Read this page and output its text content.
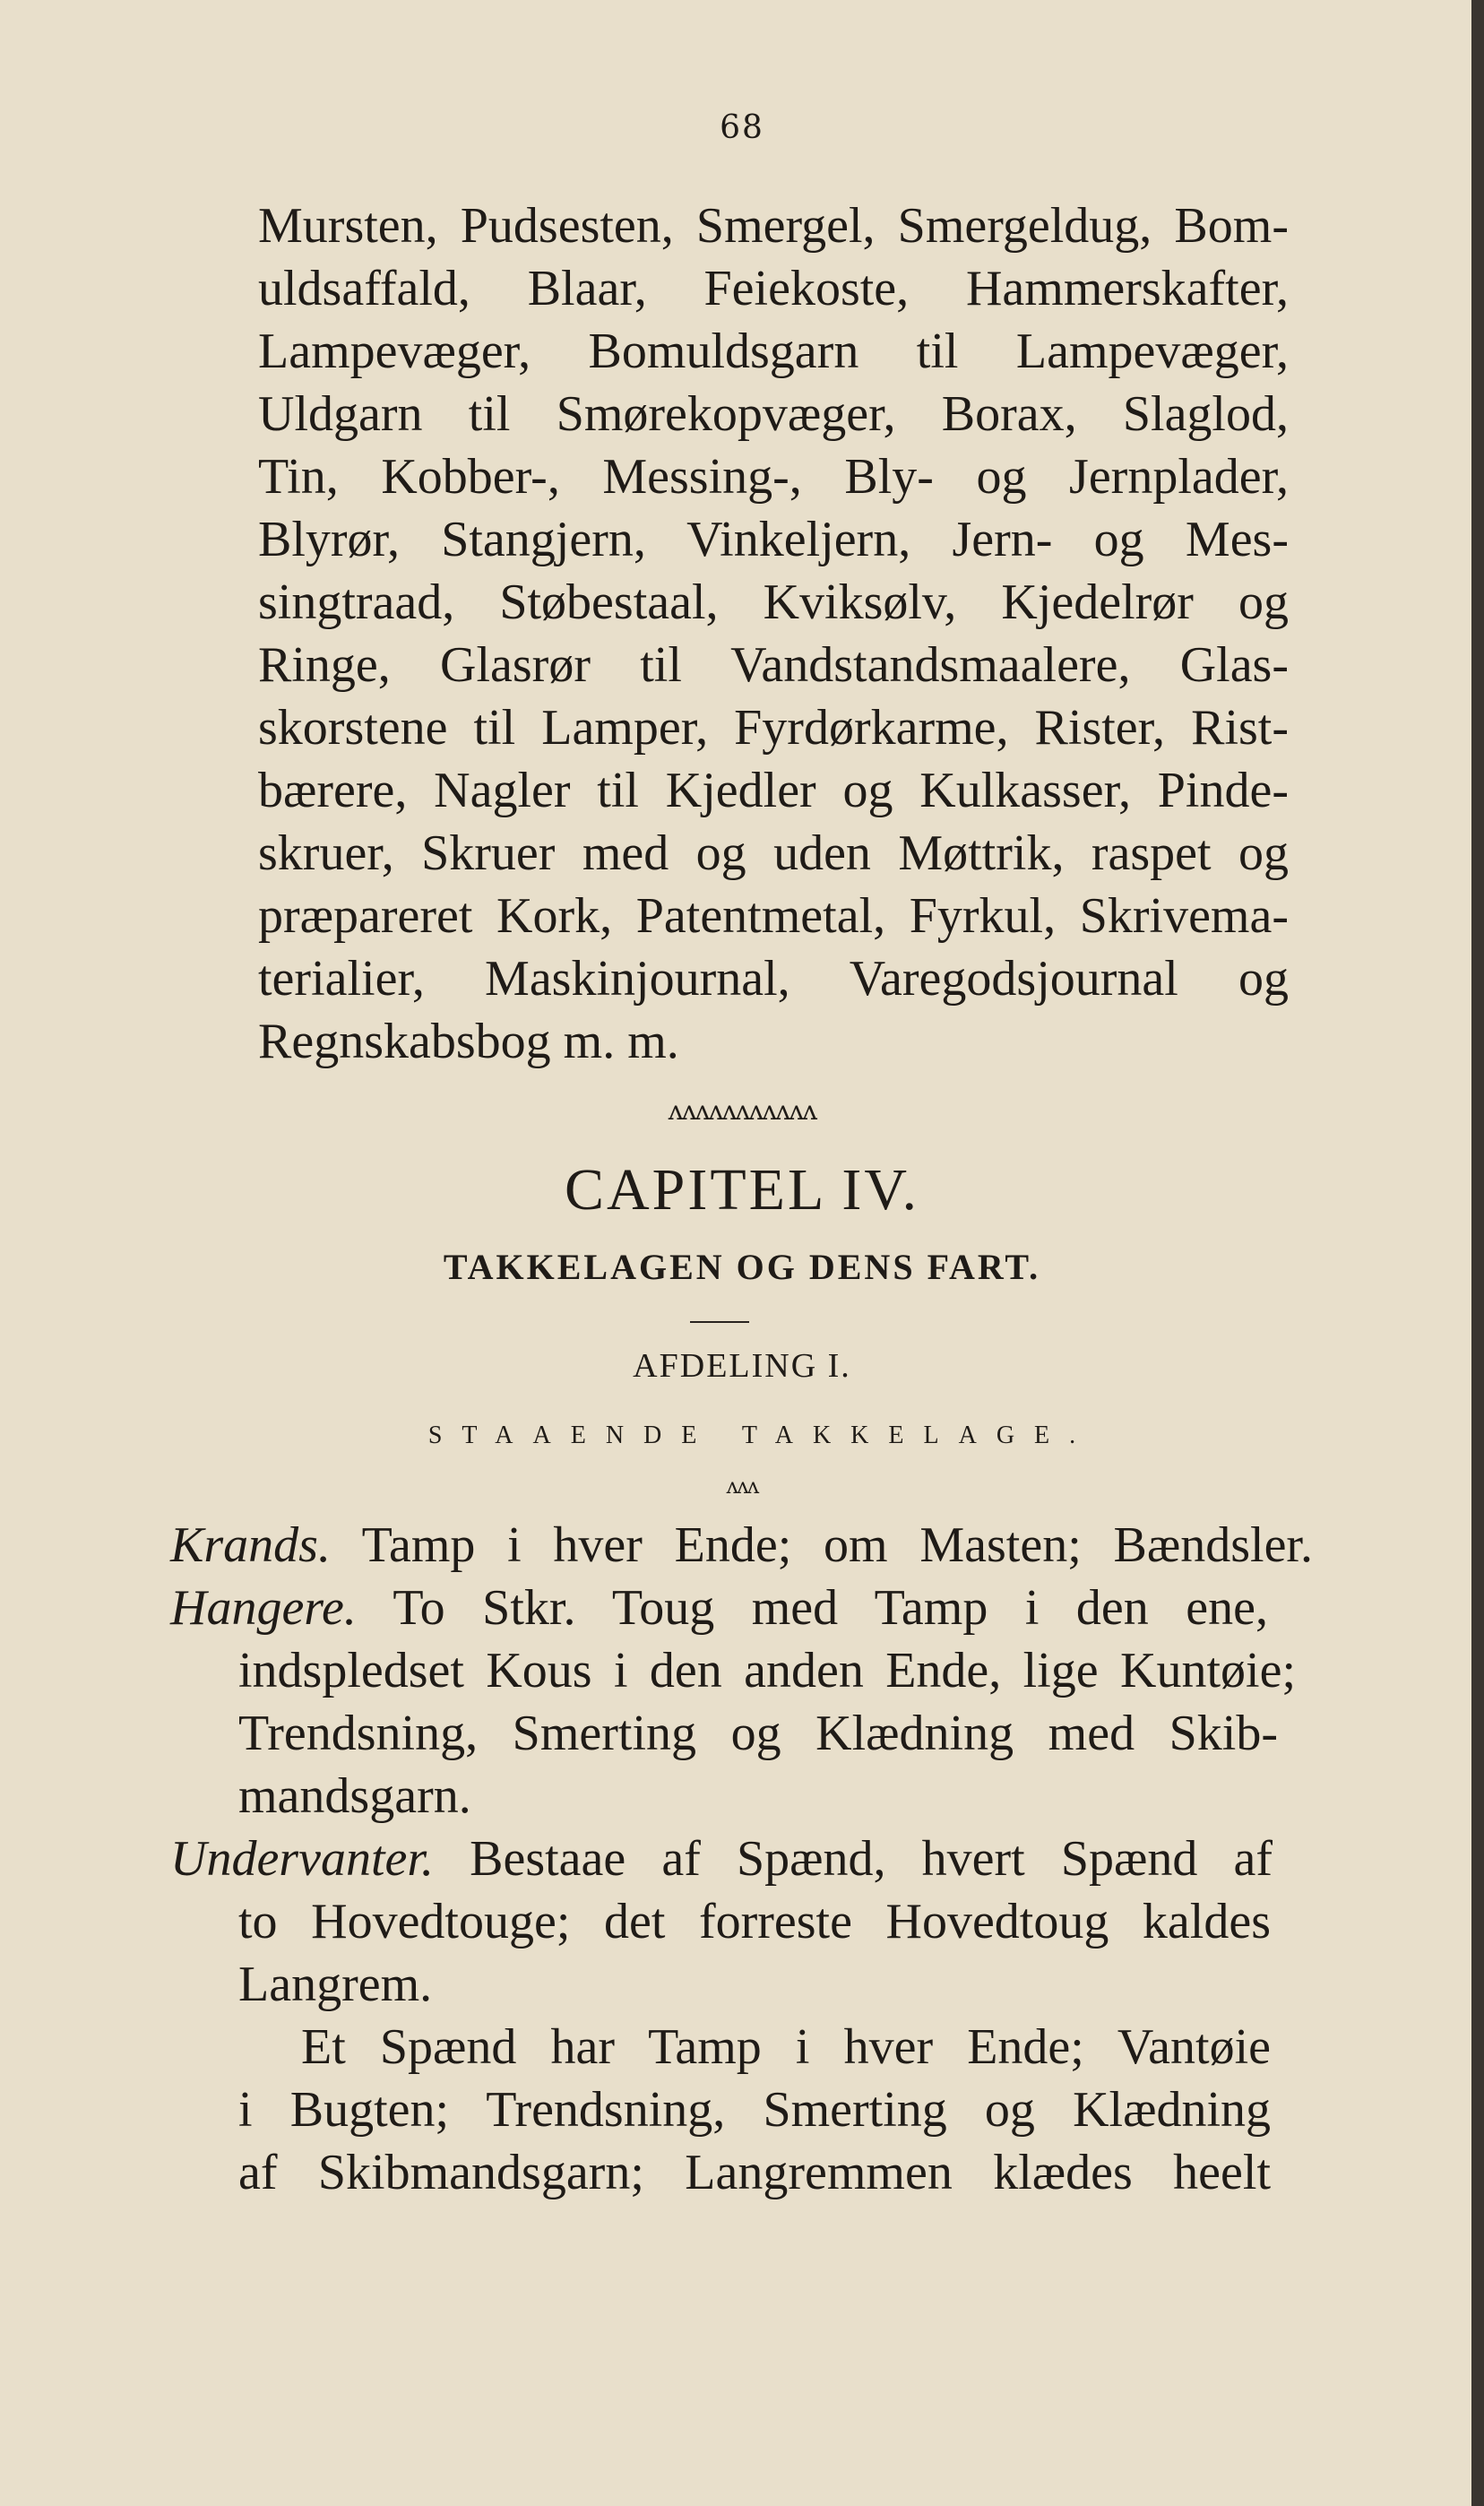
68
Mursten, Pudsesten, Smergel, Smergeldug, Bom-
uldsaffald, Blaar, Feiekoste, Hammerskafter,
Lampevæger, Bomuldsgarn til Lampevæger,
Uldgarn til Smørekopvæger, Borax, Slaglod,
Tin, Kobber-, Messing-, Bly- og Jernplader,
Blyrør, Stangjern, Vinkeljern, Jern- og Mes-
singtraad, Støbestaal, Kviksølv, Kjedelrør og
Ringe, Glasrør til Vandstandsmaalere, Glas-
skorstene til Lamper, Fyrdørkarme, Rister, Rist-
bærere, Nagler til Kjedler og Kulkasser, Pinde-
skruer, Skruer med og uden Møttrik, raspet og
præpareret Kork, Patentmetal, Fyrkul, Skrivema-
terialier, Maskinjournal, Varegodsjournal og
Regnskabsbog m. m.
ᴧᴧᴧᴧᴧᴧᴧᴧᴧᴧᴧ
CAPITEL IV.
TAKKELAGEN OG DENS FART.
AFDELING I.
STAAENDE TAKKELAGE.
ᴧᴧᴧ
Krands. Tamp i hver Ende; om Masten; Bændsler.
Hangere. To Stkr. Toug med Tamp i den ene,
indspledset Kous i den anden Ende, lige Kuntøie;
Trendsning, Smerting og Klædning med Skib-
mandsgarn.
Undervanter. Bestaae af Spænd, hvert Spænd af
to Hovedtouge; det forreste Hovedtoug kaldes
Langrem.
Et Spænd har Tamp i hver Ende; Vantøie
i Bugten; Trendsning, Smerting og Klædning
af Skibmandsgarn; Langremmen klædes heelt
